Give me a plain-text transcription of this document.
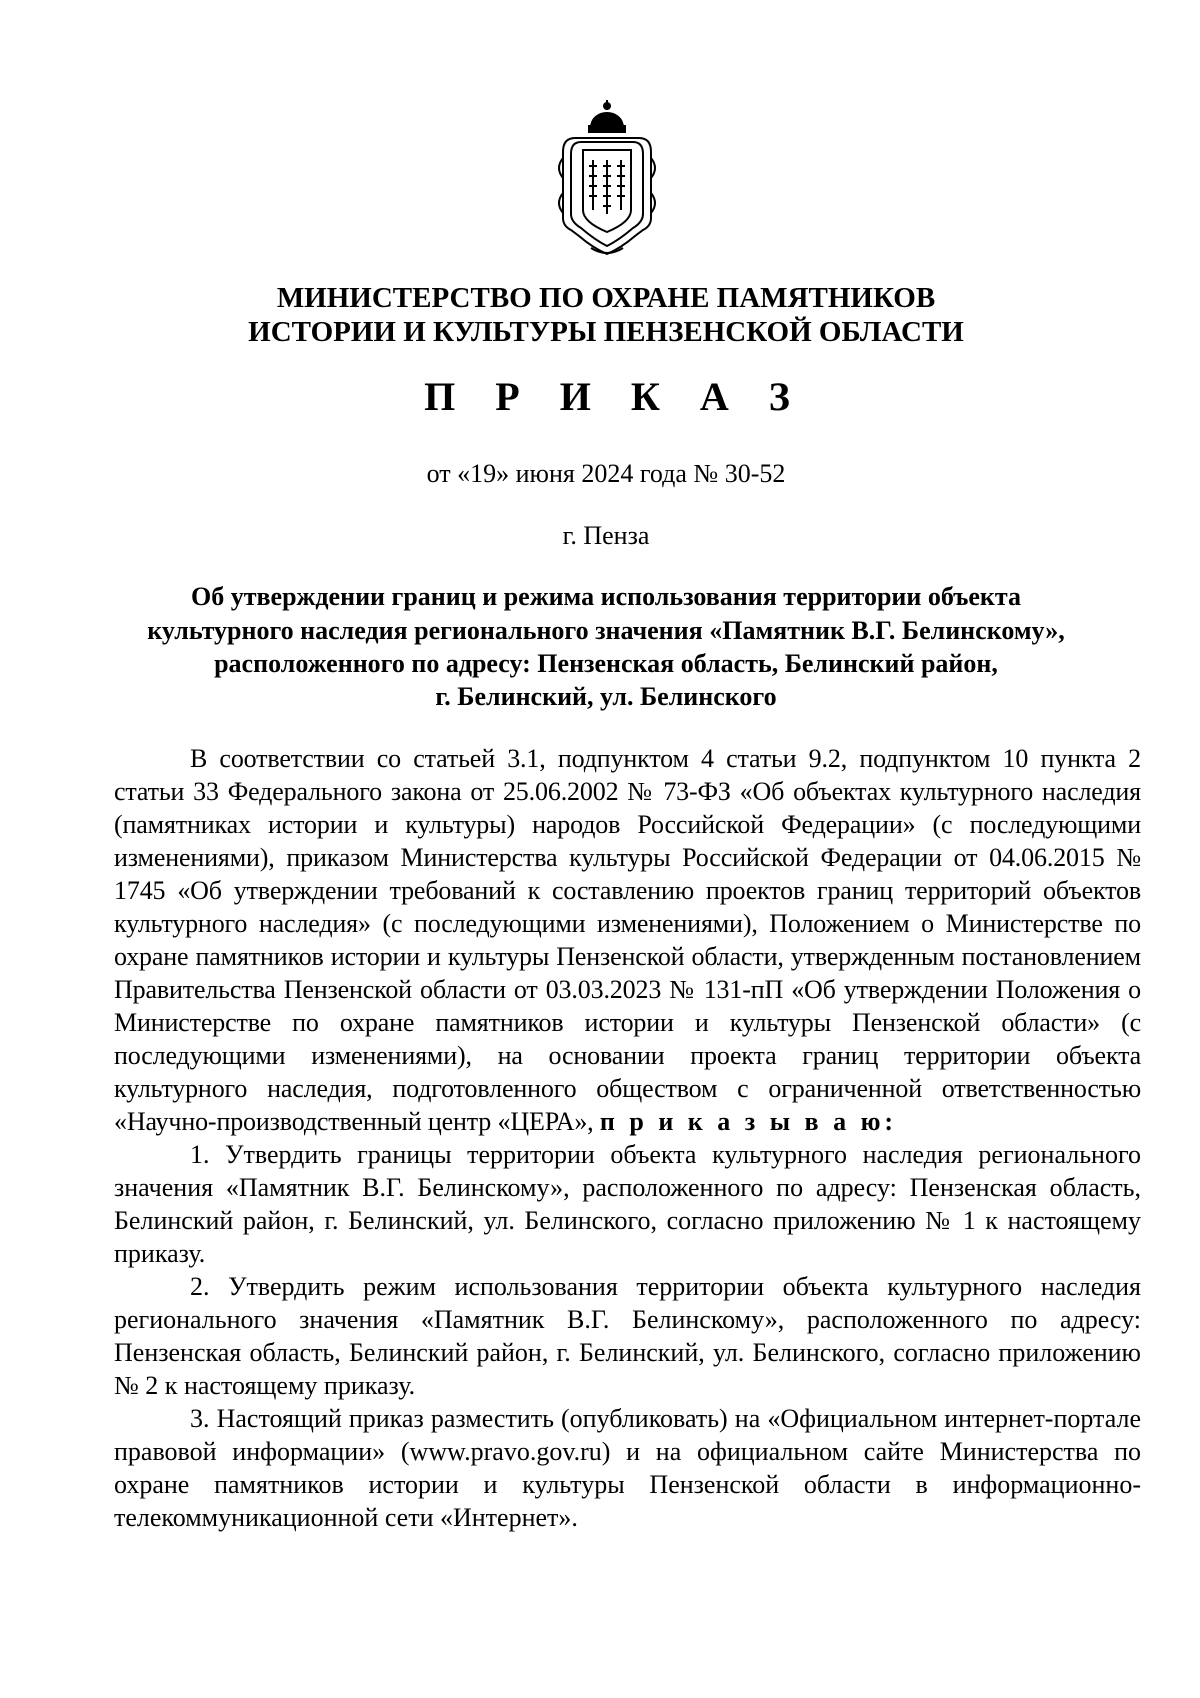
МИНИСТЕРСТВО ПО ОХРАНЕ ПАМЯТНИКОВ
ИСТОРИИ И КУЛЬТУРЫ ПЕНЗЕНСКОЙ ОБЛАСТИ
П Р И К А З
от «19» июня 2024 года № 30-52
г. Пенза
Об утверждении границ и режима использования территории объекта
культурного наследия регионального значения «Памятник В.Г. Белинскому»,
расположенного по адресу: Пензенская область, Белинский район,
г. Белинский, ул. Белинского

В соответствии со статьей 3.1, подпунктом 4 статьи 9.2, подпунктом 10 пункта 2 статьи 33 Федерального закона от 25.06.2002 № 73-ФЗ «Об объектах культурного наследия (памятниках истории и культуры) народов Российской Федерации» (с последующими изменениями), приказом Министерства культуры Российской Федерации от 04.06.2015 № 1745 «Об утверждении требований к составлению проектов границ территорий объектов культурного наследия» (с последующими изменениями), Положением о Министерстве по охране памятников истории и культуры Пензенской области, утвержденным постановлением Правительства Пензенской области от 03.03.2023 № 131-пП «Об утверждении Положения о Министерстве по охране памятников истории и культуры Пензенской области» (с последующими изменениями), на основании проекта границ территории объекта культурного наследия, подготовленного обществом с ограниченной ответственностью «Научно-производственный центр «ЦЕРА», п р и к а з ы в а ю:

1. Утвердить границы территории объекта культурного наследия регионального значения «Памятник В.Г. Белинскому», расположенного по адресу: Пензенская область, Белинский район, г. Белинский, ул. Белинского, согласно приложению № 1 к настоящему приказу.

2. Утвердить режим использования территории объекта культурного наследия регионального значения «Памятник В.Г. Белинскому», расположенного по адресу: Пензенская область, Белинский район, г. Белинский, ул. Белинского, согласно приложению № 2 к настоящему приказу.

3. Настоящий приказ разместить (опубликовать) на «Официальном интернет-портале правовой информации» (www.pravo.gov.ru) и на официальном сайте Министерства по охране памятников истории и культуры Пензенской области в информационно-телекоммуникационной сети «Интернет».
